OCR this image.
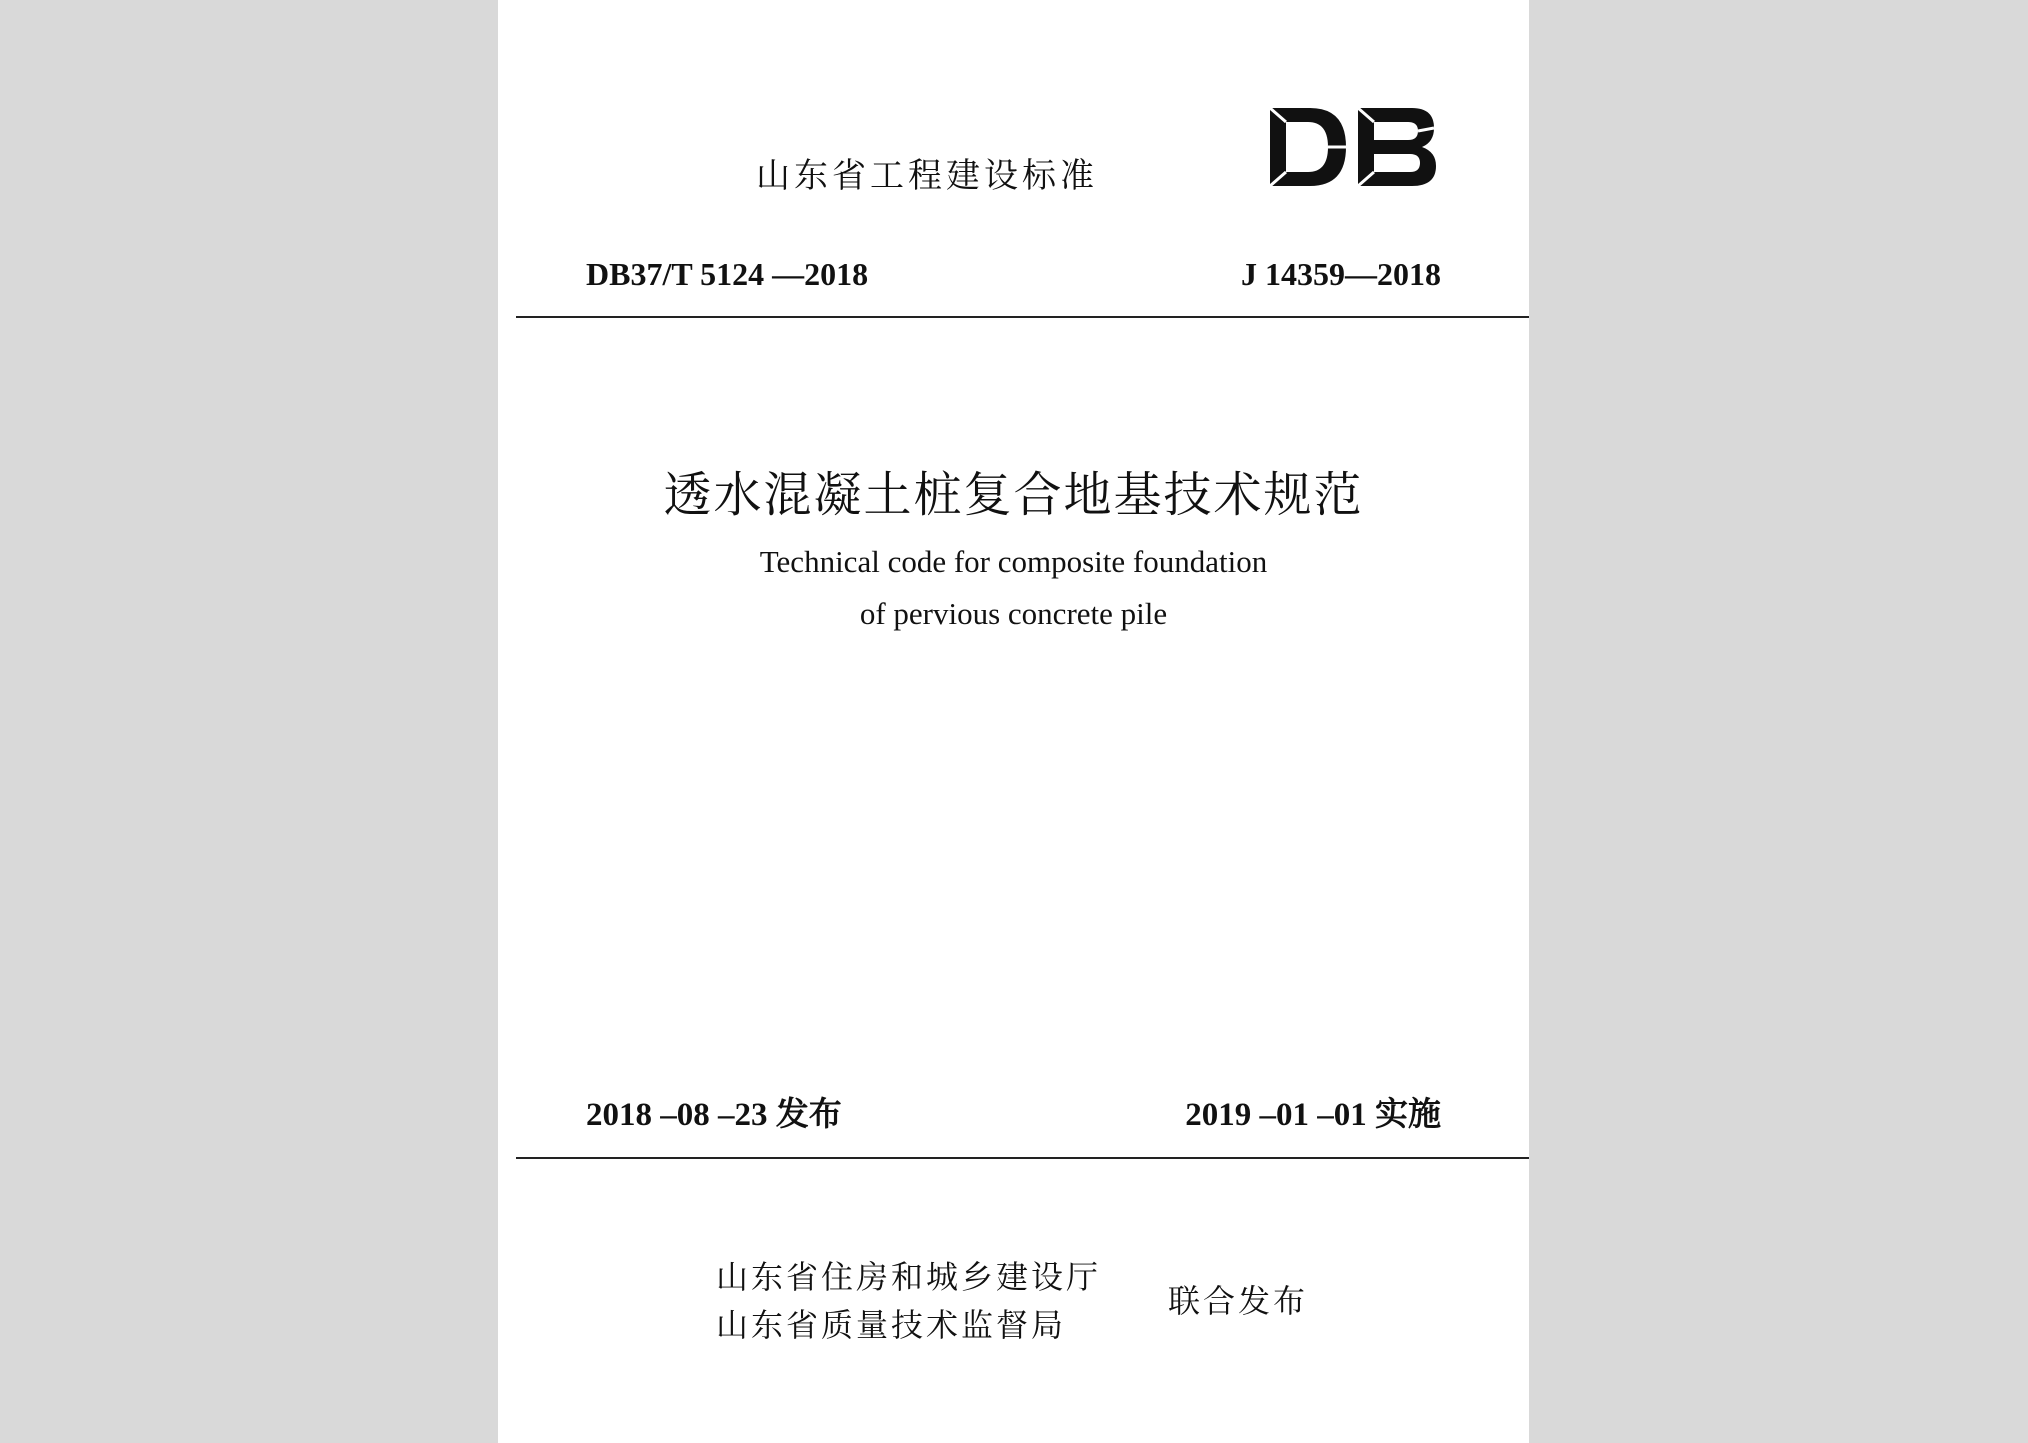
山东省工程建设标准
DB37/T 5124 —2018	J 14359—2018
透水混凝土桩复合地基技术规范
Technical code for composite foundation
of pervious concrete pile
2018 –08 –23 发布	2019 –01 –01 实施
山东省住房和城乡建设厅
山东省质量技术监督局
联合发布
